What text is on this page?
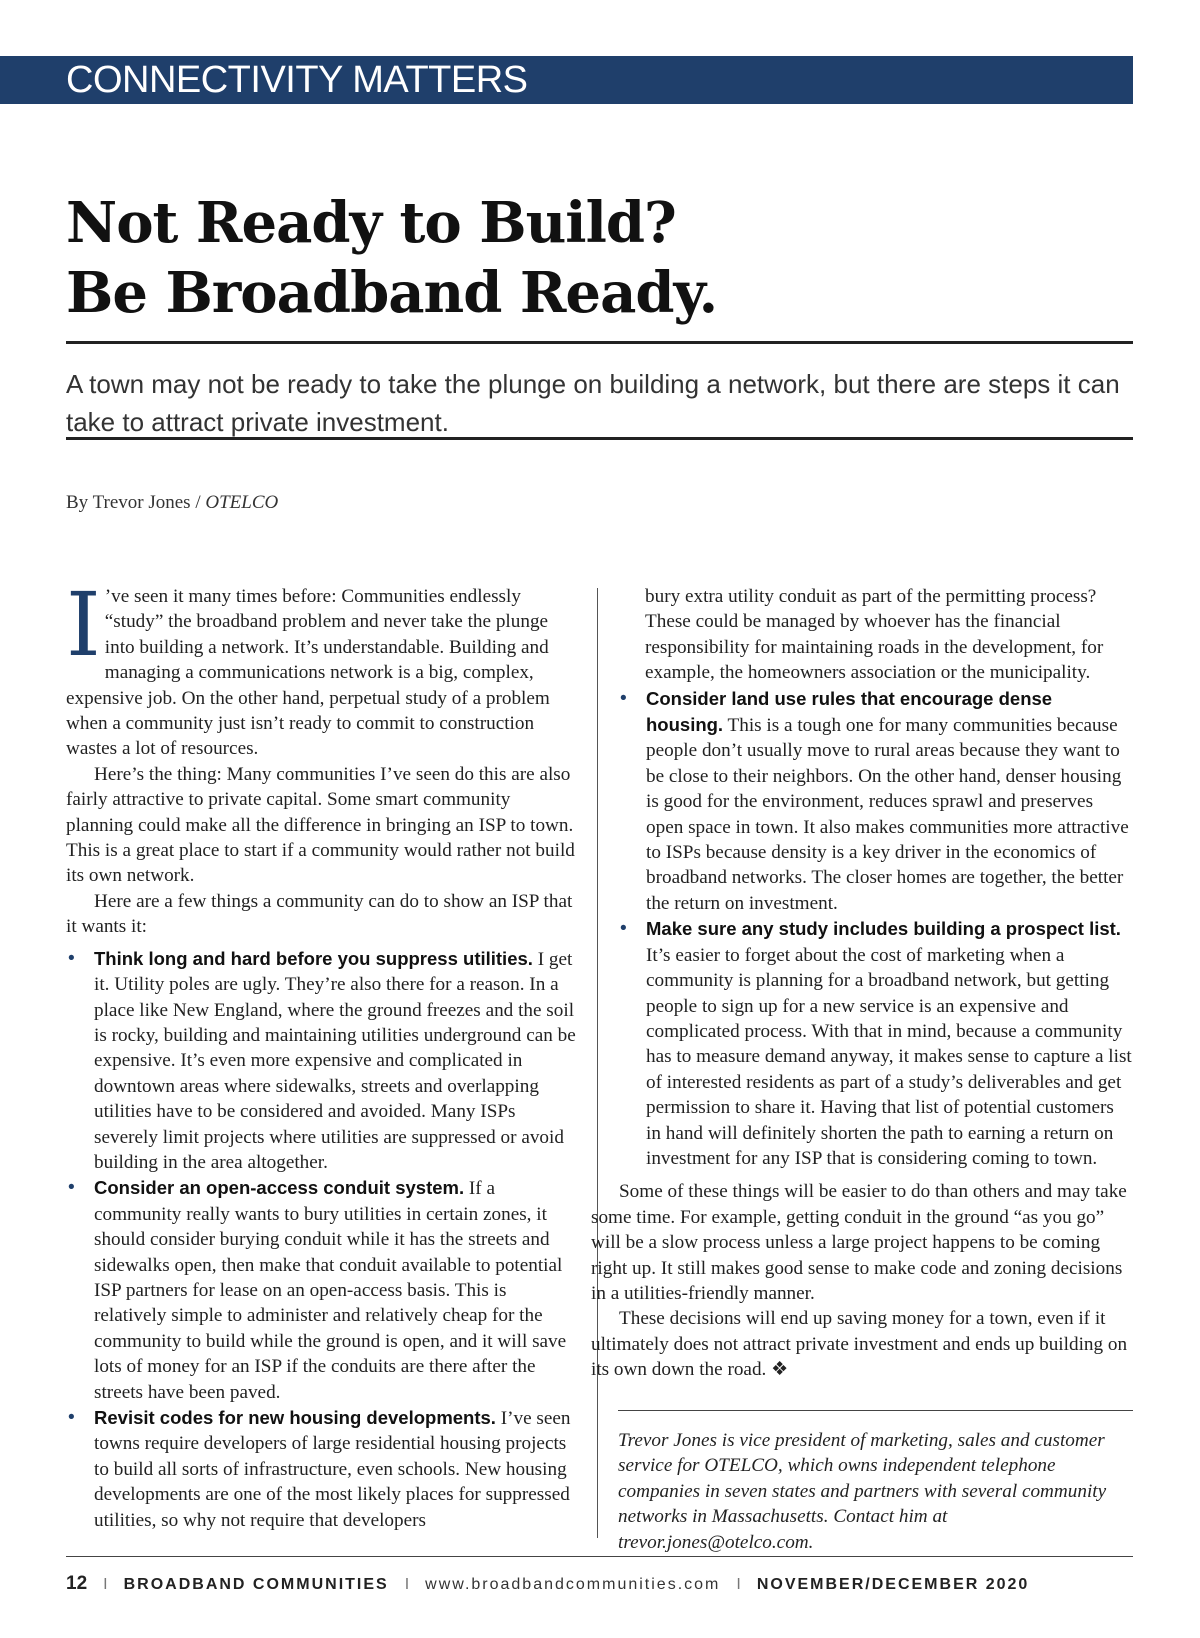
CONNECTIVITY MATTERS
Not Ready to Build?
Be Broadband Ready.

A town may not be ready to take the plunge on building a network, but there are steps it can take to attract private investment.

By Trevor Jones / OTELCO

I ’ve seen it many times before: Communities endlessly “study” the broadband problem and never take the plunge into building a network. It’s understandable. Building and managing a communications network is a big, complex, expensive job. On the other hand, perpetual study of a problem when a community just isn’t ready to commit to construction wastes a lot of resources.

Here’s the thing: Many communities I’ve seen do this are also fairly attractive to private capital. Some smart community planning could make all the difference in bringing an ISP to town. This is a great place to start if a community would rather not build its own network.

Here are a few things a community can do to show an ISP that it wants it:

• Think long and hard before you suppress utilities. I get it. Utility poles are ugly. They’re also there for a reason. In a place like New England, where the ground freezes and the soil is rocky, building and maintaining utilities underground can be expensive. It’s even more expensive and complicated in downtown areas where sidewalks, streets and overlapping utilities have to be considered and avoided. Many ISPs severely limit projects where utilities are suppressed or avoid building in the area altogether.
• Consider an open-access conduit system. If a community really wants to bury utilities in certain zones, it should consider burying conduit while it has the streets and sidewalks open, then make that conduit available to potential ISP partners for lease on an open-access basis. This is relatively simple to administer and relatively cheap for the community to build while the ground is open, and it will save lots of money for an ISP if the conduits are there after the streets have been paved.
• Revisit codes for new housing developments. I’ve seen towns require developers of large residential housing projects to build all sorts of infrastructure, even schools. New housing developments are one of the most likely places for suppressed utilities, so why not require that developers

bury extra utility conduit as part of the permitting process? These could be managed by whoever has the financial responsibility for maintaining roads in the development, for example, the homeowners association or the municipality.

• Consider land use rules that encourage dense housing. This is a tough one for many communities because people don’t usually move to rural areas because they want to be close to their neighbors. On the other hand, denser housing is good for the environment, reduces sprawl and preserves open space in town. It also makes communities more attractive to ISPs because density is a key driver in the economics of broadband networks. The closer homes are together, the better the return on investment.
• Make sure any study includes building a prospect list. It’s easier to forget about the cost of marketing when a community is planning for a broadband network, but getting people to sign up for a new service is an expensive and complicated process. With that in mind, because a community has to measure demand anyway, it makes sense to capture a list of interested residents as part of a study’s deliverables and get permission to share it. Having that list of potential customers in hand will definitely shorten the path to earning a return on investment for any ISP that is considering coming to town.

Some of these things will be easier to do than others and may take some time. For example, getting conduit in the ground “as you go” will be a slow process unless a large project happens to be coming right up. It still makes good sense to make code and zoning decisions in a utilities-friendly manner.

These decisions will end up saving money for a town, even if it ultimately does not attract private investment and ends up building on its own down the road. ❖

Trevor Jones is vice president of marketing, sales and customer service for OTELCO, which owns independent telephone companies in seven states and partners with several community networks in Massachusetts. Contact him at trevor.jones@otelco.com.

12 I BROADBAND COMMUNITIES I www.broadbandcommunities.com I NOVEMBER/DECEMBER 2020
